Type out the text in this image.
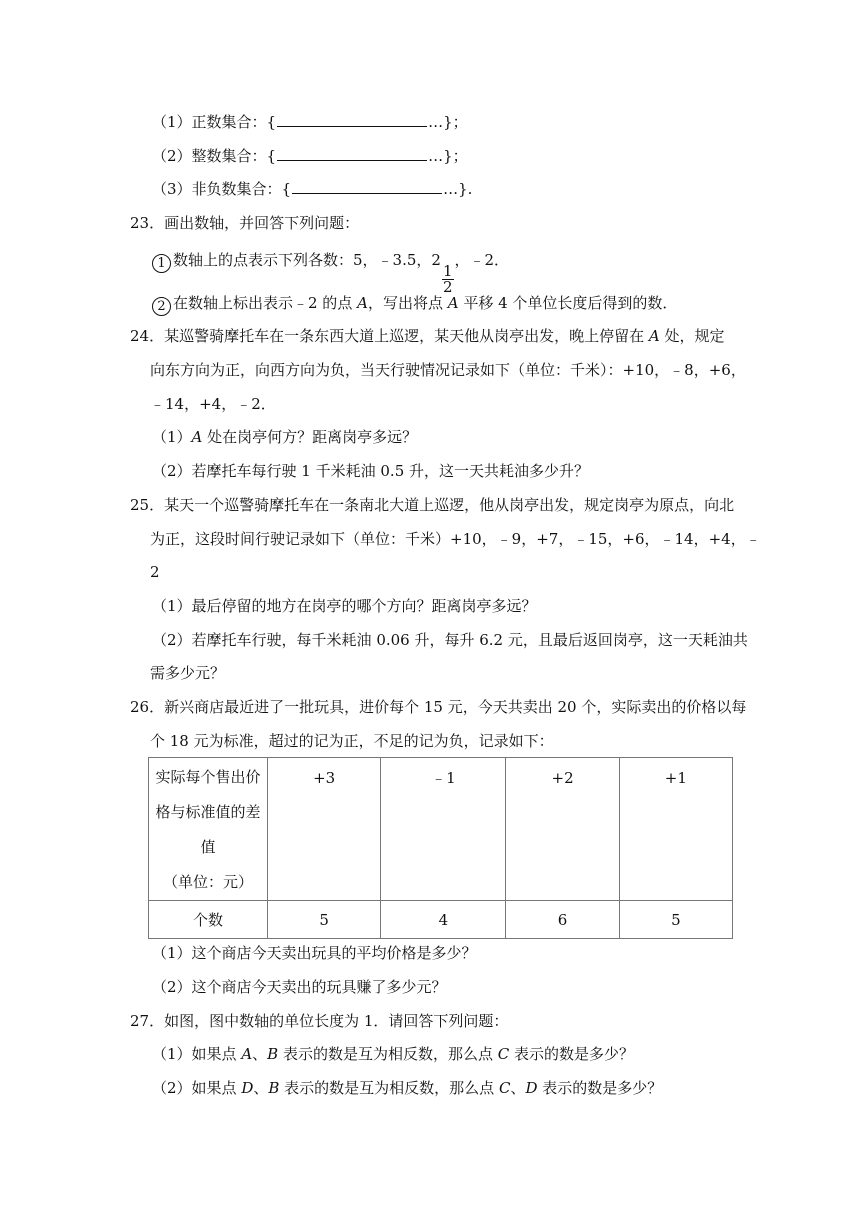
（1）正数集合：{	…}；
（2）整数集合：{	…}；
（3）非负数集合：{	…}.
23．画出数轴，并回答下列问题：
1 数轴上的点表示下列各数：5，﹣3.5，2
$\frac{1}{2}$
，﹣2．
2 在数轴上标出表示﹣2 的点 A，写出将点 A 平移 4 个单位长度后得到的数．
24．某巡警骑摩托车在一条东西大道上巡逻，某天他从岗亭出发，晚上停留在 A 处，规定
向东方向为正，向西方向为负，当天行驶情况记录如下（单位：千米）：+10，﹣8，+6，
﹣14，+4，﹣2．
（1）A 处在岗亭何方？距离岗亭多远？
（2）若摩托车每行驶 1 千米耗油 0.5 升，这一天共耗油多少升？
25．某天一个巡警骑摩托车在一条南北大道上巡逻，他从岗亭出发，规定岗亭为原点，向北
为正，这段时间行驶记录如下（单位：千米）+10，﹣9，+7，﹣15，+6，﹣14，+4，﹣
2
（1）最后停留的地方在岗亭的哪个方向？距离岗亭多远？
（2）若摩托车行驶，每千米耗油 0.06 升，每升 6.2 元，且最后返回岗亭，这一天耗油共
需多少元？
26．新兴商店最近进了一批玩具，进价每个 15 元，今天共卖出 20 个，实际卖出的价格以每
个 18 元为标准，超过的记为正，不足的记为负，记录如下：
实际每个售出价
格与标准值的差
值
（单位：元）	+3	﹣1	+2	+1
个数	5	4	6	5
（1）这个商店今天卖出玩具的平均价格是多少？
（2）这个商店今天卖出的玩具赚了多少元？
27．如图，图中数轴的单位长度为 1．请回答下列问题：
（1）如果点 A、B 表示的数是互为相反数，那么点 C 表示的数是多少？
（2）如果点 D、B 表示的数是互为相反数，那么点 C、D 表示的数是多少？
